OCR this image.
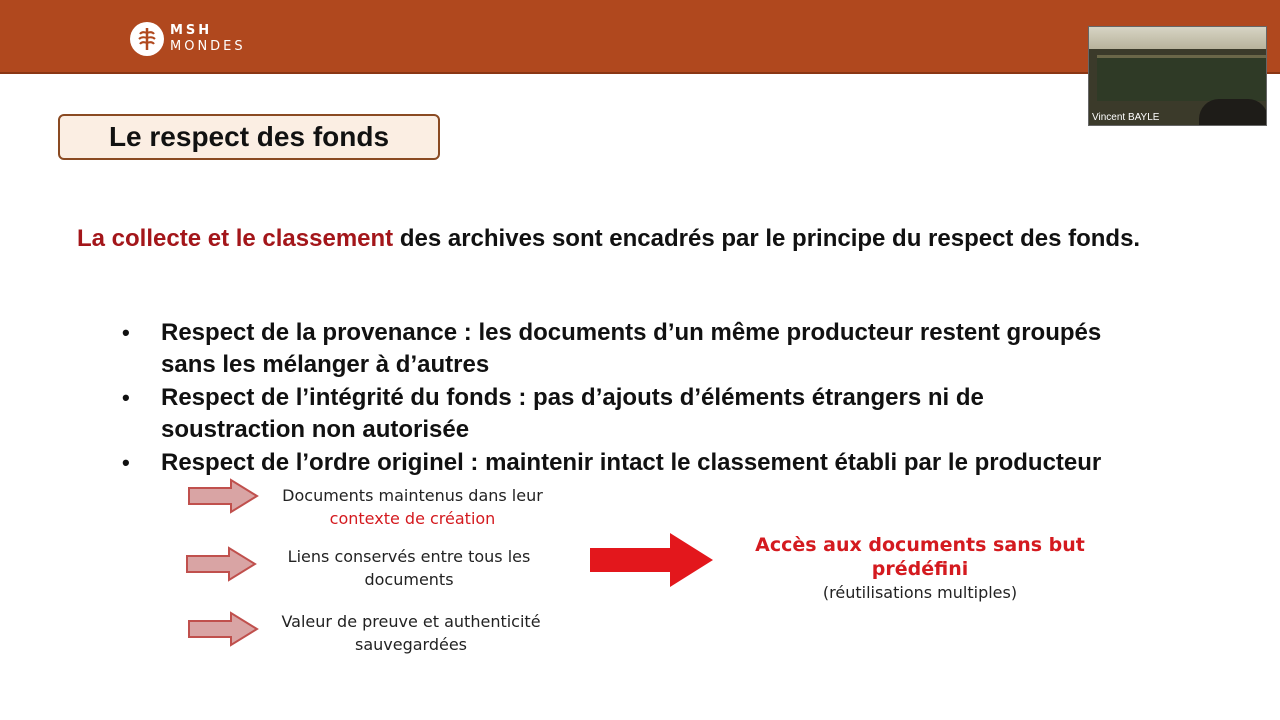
MSH
MONDES
Vincent BAYLE
Le respect des fonds

La collecte et le classement des archives sont encadrés par le principe du respect des fonds.

• Respect de la provenance : les documents d’un même producteur restent groupés sans les mélanger à d’autres
• Respect de l’intégrité du fonds : pas d’ajouts d’éléments étrangers ni de soustraction non autorisée
• Respect de l’ordre originel : maintenir intact le classement établi par le producteur
Documents maintenus dans leur
contexte de création
Liens conservés entre tous les
documents
Valeur de preuve et authenticité
sauvegardées
Accès aux documents sans but
prédéfini
(réutilisations multiples)
